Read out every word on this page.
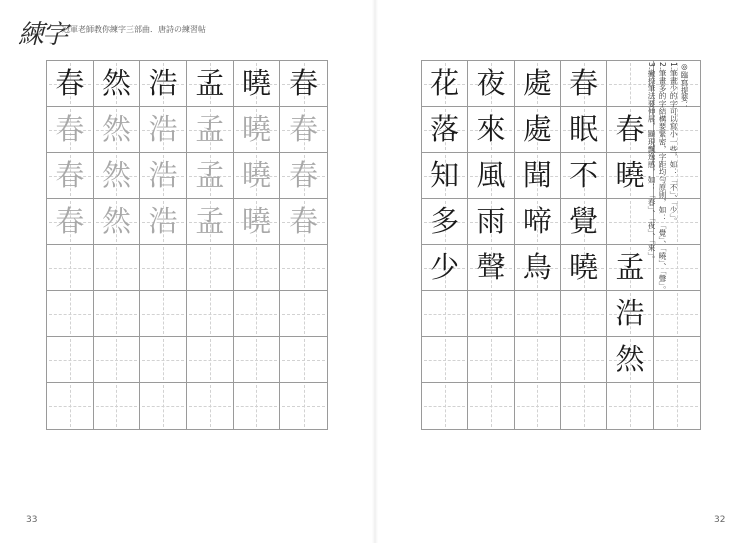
練字
冠軍老師教你練字三部曲．唐詩の練習帖
春 然 浩 孟 曉 春
春 然 浩 孟 曉 春
春 然 浩 孟 曉 春
春 然 浩 孟 曉 春
花 夜 處 春
落 來 處 眠 春
知 風 聞 不 曉
多 雨 啼 覺
少 聲 鳥 曉 孟
浩
然

◎臨寫提要：

1.筆畫少的字可以寫小一些，如：「不」、「少」。

2.筆畫多的字結構要緊密，字距均勻原則，如：「覺」、「曉」、「聲」。

3.撇捺筆法要伸展，顯現飄逸感，如：「春」、「夜」、「來」。

33	32
